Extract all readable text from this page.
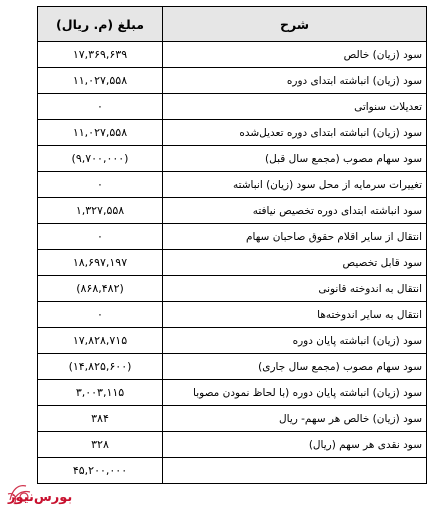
شرح	مبلغ (م. ریال)
سود (زیان) خالص	۱۷,۳۶۹,۶۳۹
سود (زیان) انباشته ابتدای دوره	۱۱,۰۲۷,۵۵۸
تعدیلات سنواتی	۰
سود (زیان) انباشته ابتدای دوره تعدیل‌شده	۱۱,۰۲۷,۵۵۸
سود سهام مصوب (مجمع سال قبل)	(۹,۷۰۰,۰۰۰)
تغییرات سرمایه از محل سود (زیان) انباشته	۰
سود انباشته ابتدای دوره تخصیص نیافته	۱,۳۲۷,۵۵۸
انتقال از سایر اقلام حقوق صاحبان سهام	۰
سود قابل تخصیص	۱۸,۶۹۷,۱۹۷
انتقال به اندوخته قانونی	(۸۶۸,۴۸۲)
انتقال به سایر اندوخته‌ها	۰
سود (زیان) انباشته پایان دوره	۱۷,۸۲۸,۷۱۵
سود سهام مصوب (مجمع سال جاری)	(۱۴,۸۲۵,۶۰۰)
سود (زیان) انباشته پایان دوره (با لحاظ نمودن مصوبا	۳,۰۰۳,۱۱۵
سود (زیان) خالص هر سهم- ریال	۳۸۴
سود نقدی هر سهم (ریال)	۳۲۸
	۴۵,۲۰۰,۰۰۰
بورس‌نیوز
